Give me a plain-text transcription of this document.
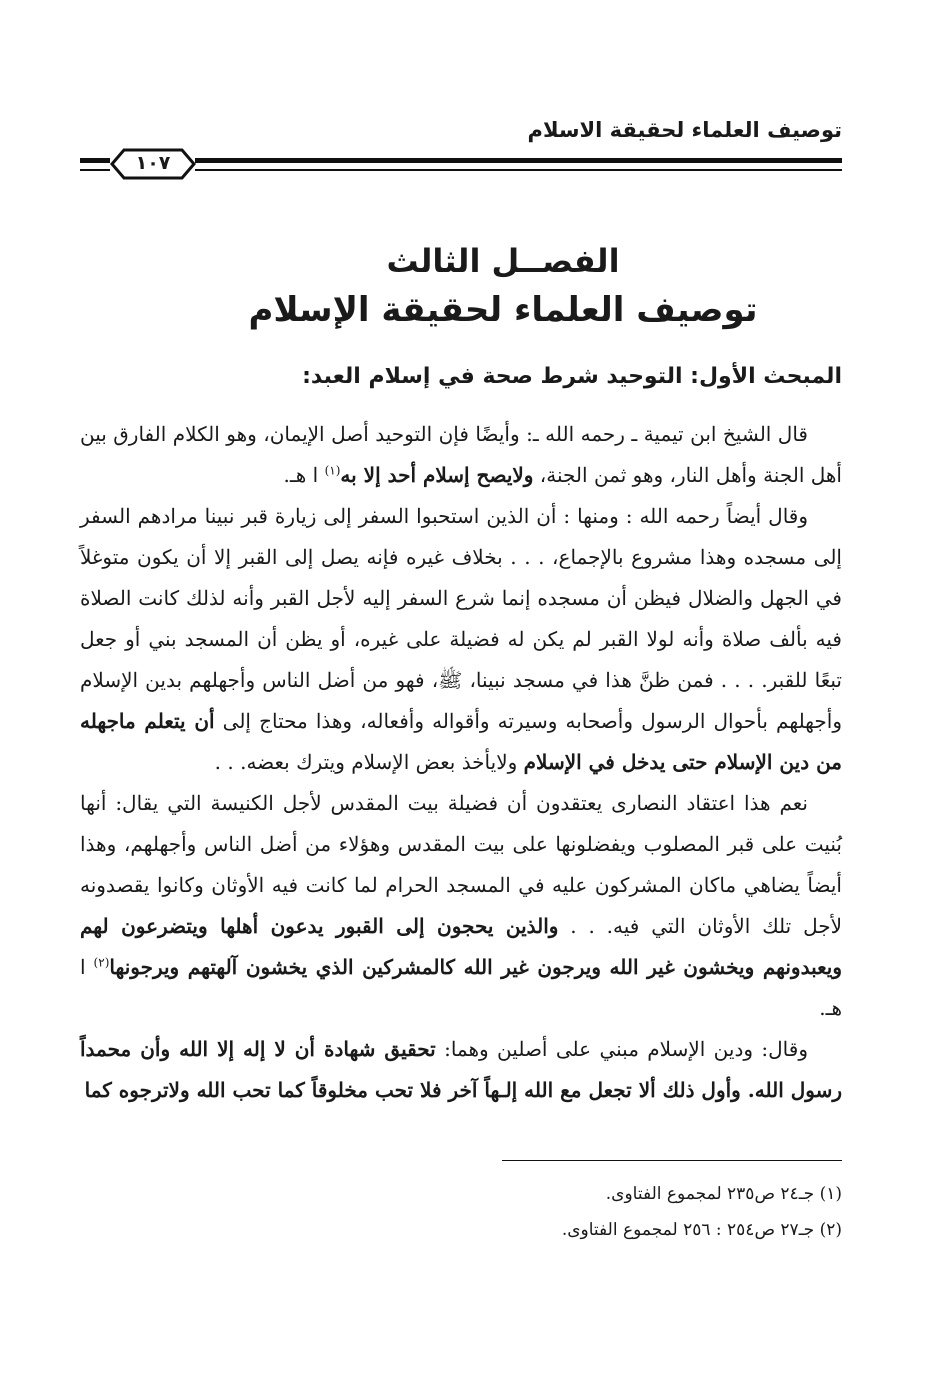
توصيف العلماء لحقيقة الاسلام
١٠٧
الفصــل الثالث
توصيف العلماء لحقيقة الإسلام
المبحث الأول: التوحيد شرط صحة في إسلام العبد:

قال الشيخ ابن تيمية ـ رحمه الله ـ: وأيضًا فإن التوحيد أصل الإيمان، وهو الكلام الفارق بين أهل الجنة وأهل النار، وهو ثمن الجنة، ولايصح إسلام أحد إلا به$^{(١)}$ ا هـ.

وقال أيضاً رحمه الله : ومنها : أن الذين استحبوا السفر إلى زيارة قبر نبينا مرادهم السفر إلى مسجده وهذا مشروع بالإجماع، . . . بخلاف غيره فإنه يصل إلى القبر إلا أن يكون متوغلاً في الجهل والضلال فيظن أن مسجده إنما شرع السفر إليه لأجل القبر وأنه لذلك كانت الصلاة فيه بألف صلاة وأنه لولا القبر لم يكن له فضيلة على غيره، أو يظن أن المسجد بني أو جعل تبعًا للقبر. . . . فمن ظنَّ هذا في مسجد نبينا، ﷺ، فهو من أضل الناس وأجهلهم بدين الإسلام وأجهلهم بأحوال الرسول وأصحابه وسيرته وأقواله وأفعاله، وهذا محتاج إلى أن يتعلم ماجهله من دين الإسلام حتى يدخل في الإسلام ولايأخذ بعض الإسلام ويترك بعضه. . .

نعم هذا اعتقاد النصارى يعتقدون أن فضيلة بيت المقدس لأجل الكنيسة التي يقال: أنها بُنيت على قبر المصلوب ويفضلونها على بيت المقدس وهؤلاء من أضل الناس وأجهلهم، وهذا أيضاً يضاهي ماكان المشركون عليه في المسجد الحرام لما كانت فيه الأوثان وكانوا يقصدونه لأجل تلك الأوثان التي فيه. . . والذين يحجون إلى القبور يدعون أهلها ويتضرعون لهم ويعبدونهم ويخشون غير الله ويرجون غير الله كالمشركين الذي يخشون آلهتهم ويرجونها$^{(٢)}$ ا هـ.

وقال: ودين الإسلام مبني على أصلين وهما: تحقيق شهادة أن لا إله إلا الله وأن محمداً رسول الله. وأول ذلك ألا تجعل مع الله إلـهاً آخر فلا تحب مخلوقاً كما تحب الله ولاترجوه كما

(١) جـ٢٤ ص٢٣٥ لمجموع الفتاوى.
(٢) جـ٢٧ ص٢٥٤ : ٢٥٦ لمجموع الفتاوى.
